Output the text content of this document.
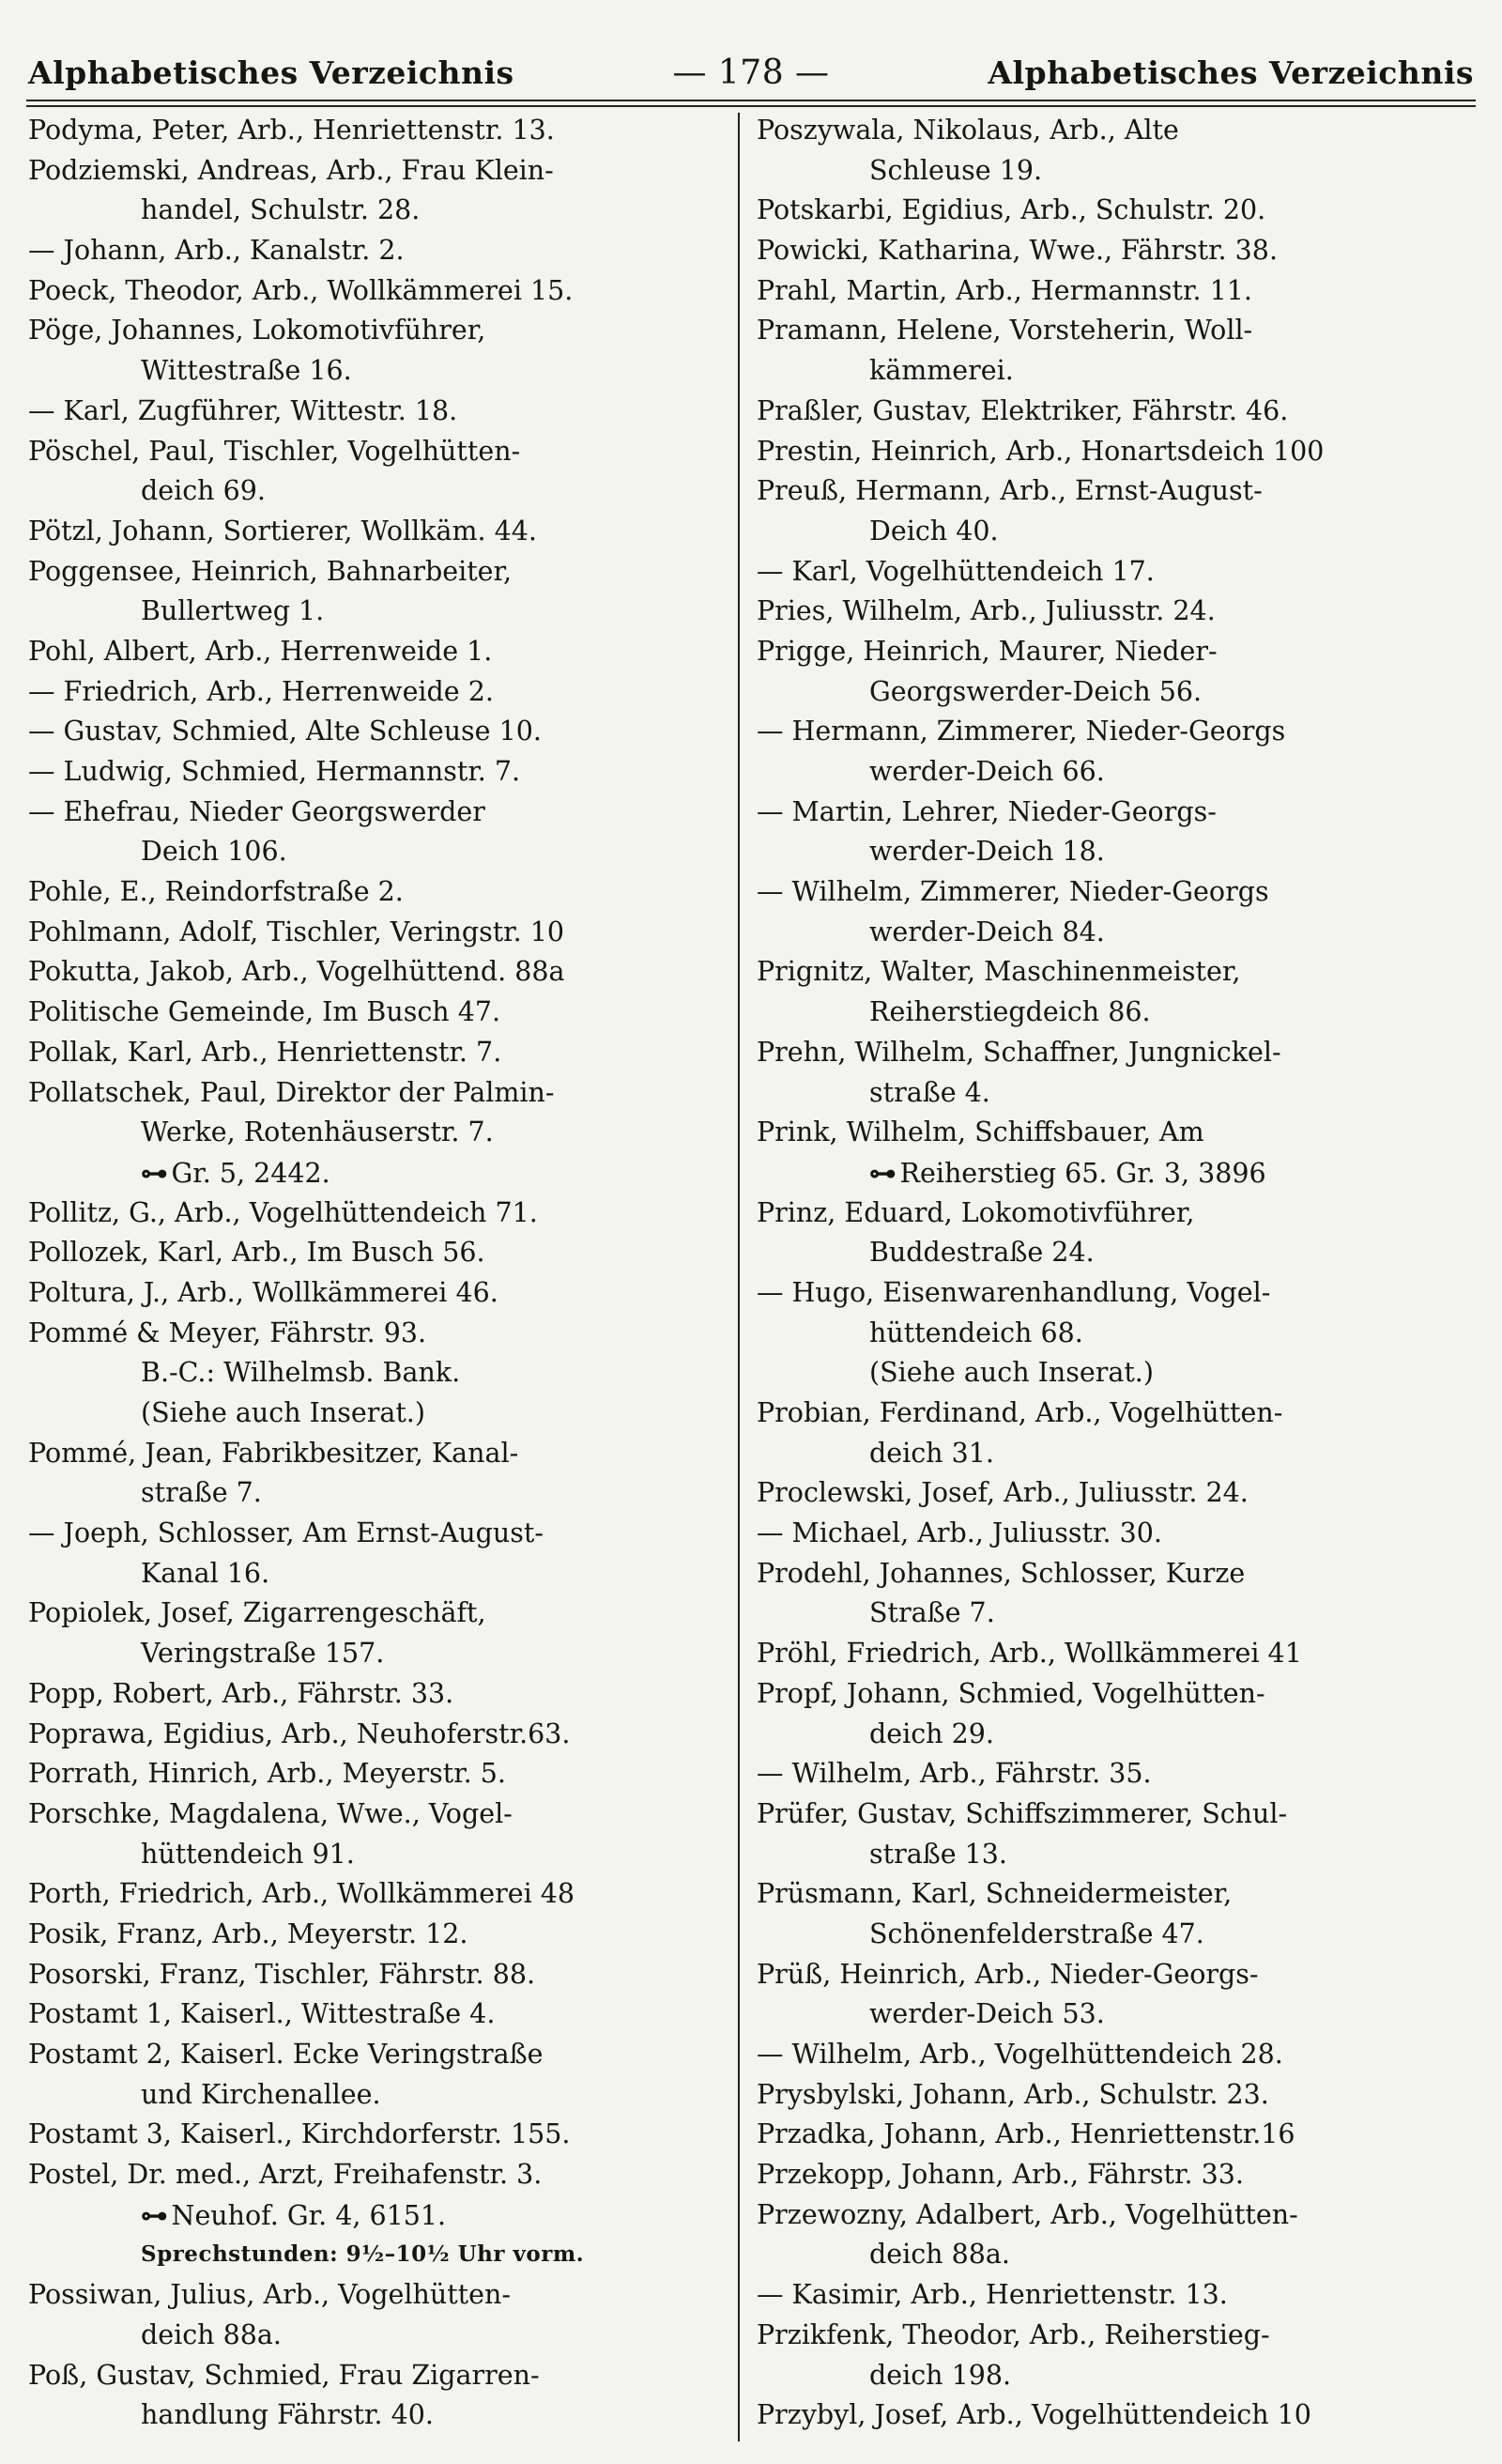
Alphabetisches Verzeichnis	— 178 —	Alphabetisches Verzeichnis
Podyma, Peter, Arb., Henriettenstr. 13.
Podziemski, Andreas, Arb., Frau Klein-
handel, Schulstr. 28.
— Johann, Arb., Kanalstr. 2.
Poeck, Theodor, Arb., Wollkämmerei 15.
Pöge, Johannes, Lokomotivführer,
Wittestraße 16.
— Karl, Zugführer, Wittestr. 18.
Pöschel, Paul, Tischler, Vogelhütten-
deich 69.
Pötzl, Johann, Sortierer, Wollkäm. 44.
Poggensee, Heinrich, Bahnarbeiter,
Bullertweg 1.
Pohl, Albert, Arb., Herrenweide 1.
— Friedrich, Arb., Herrenweide 2.
— Gustav, Schmied, Alte Schleuse 10.
— Ludwig, Schmied, Hermannstr. 7.
— Ehefrau, Nieder Georgswerder
Deich 106.
Pohle, E., Reindorfstraße 2.
Pohlmann, Adolf, Tischler, Veringstr. 10
Pokutta, Jakob, Arb., Vogelhüttend. 88a
Politische Gemeinde, Im Busch 47.
Pollak, Karl, Arb., Henriettenstr. 7.
Pollatschek, Paul, Direktor der Palmin-
Werke, Rotenhäuserstr. 7.
⊶ Gr. 5, 2442.
Pollitz, G., Arb., Vogelhüttendeich 71.
Pollozek, Karl, Arb., Im Busch 56.
Poltura, J., Arb., Wollkämmerei 46.
Pommé & Meyer, Fährstr. 93.
B.-C.: Wilhelmsb. Bank.
(Siehe auch Inserat.)
Pommé, Jean, Fabrikbesitzer, Kanal-
straße 7.
— Joeph, Schlosser, Am Ernst-August-
Kanal 16.
Popiolek, Josef, Zigarrengeschäft,
Veringstraße 157.
Popp, Robert, Arb., Fährstr. 33.
Poprawa, Egidius, Arb., Neuhoferstr.63.
Porrath, Hinrich, Arb., Meyerstr. 5.
Porschke, Magdalena, Wwe., Vogel-
hüttendeich 91.
Porth, Friedrich, Arb., Wollkämmerei 48
Posik, Franz, Arb., Meyerstr. 12.
Posorski, Franz, Tischler, Fährstr. 88.
Postamt 1, Kaiserl., Wittestraße 4.
Postamt 2, Kaiserl. Ecke Veringstraße
und Kirchenallee.
Postamt 3, Kaiserl., Kirchdorferstr. 155.
Postel, Dr. med., Arzt, Freihafenstr. 3.
⊶ Neuhof. Gr. 4, 6151.
Sprechstunden: 9½–10½ Uhr vorm.
Possiwan, Julius, Arb., Vogelhütten-
deich 88a.
Poß, Gustav, Schmied, Frau Zigarren-
handlung Fährstr. 40.
Poszywala, Nikolaus, Arb., Alte
Schleuse 19.
Potskarbi, Egidius, Arb., Schulstr. 20.
Powicki, Katharina, Wwe., Fährstr. 38.
Prahl, Martin, Arb., Hermannstr. 11.
Pramann, Helene, Vorsteherin, Woll-
kämmerei.
Praßler, Gustav, Elektriker, Fährstr. 46.
Prestin, Heinrich, Arb., Honartsdeich 100
Preuß, Hermann, Arb., Ernst-August-
Deich 40.
— Karl, Vogelhüttendeich 17.
Pries, Wilhelm, Arb., Juliusstr. 24.
Prigge, Heinrich, Maurer, Nieder-
Georgswerder-Deich 56.
— Hermann, Zimmerer, Nieder-Georgs
werder-Deich 66.
— Martin, Lehrer, Nieder-Georgs-
werder-Deich 18.
— Wilhelm, Zimmerer, Nieder-Georgs
werder-Deich 84.
Prignitz, Walter, Maschinenmeister,
Reiherstiegdeich 86.
Prehn, Wilhelm, Schaffner, Jungnickel-
straße 4.
Prink, Wilhelm, Schiffsbauer, Am
⊶ Reiherstieg 65. Gr. 3, 3896
Prinz, Eduard, Lokomotivführer,
Buddestraße 24.
— Hugo, Eisenwarenhandlung, Vogel-
hüttendeich 68.
(Siehe auch Inserat.)
Probian, Ferdinand, Arb., Vogelhütten-
deich 31.
Proclewski, Josef, Arb., Juliusstr. 24.
— Michael, Arb., Juliusstr. 30.
Prodehl, Johannes, Schlosser, Kurze
Straße 7.
Pröhl, Friedrich, Arb., Wollkämmerei 41
Propf, Johann, Schmied, Vogelhütten-
deich 29.
— Wilhelm, Arb., Fährstr. 35.
Prüfer, Gustav, Schiffszimmerer, Schul-
straße 13.
Prüsmann, Karl, Schneidermeister,
Schönenfelderstraße 47.
Prüß, Heinrich, Arb., Nieder-Georgs-
werder-Deich 53.
— Wilhelm, Arb., Vogelhüttendeich 28.
Prysbylski, Johann, Arb., Schulstr. 23.
Przadka, Johann, Arb., Henriettenstr.16
Przekopp, Johann, Arb., Fährstr. 33.
Przewozny, Adalbert, Arb., Vogelhütten-
deich 88a.
— Kasimir, Arb., Henriettenstr. 13.
Przikfenk, Theodor, Arb., Reiherstieg-
deich 198.
Przybyl, Josef, Arb., Vogelhüttendeich 10
